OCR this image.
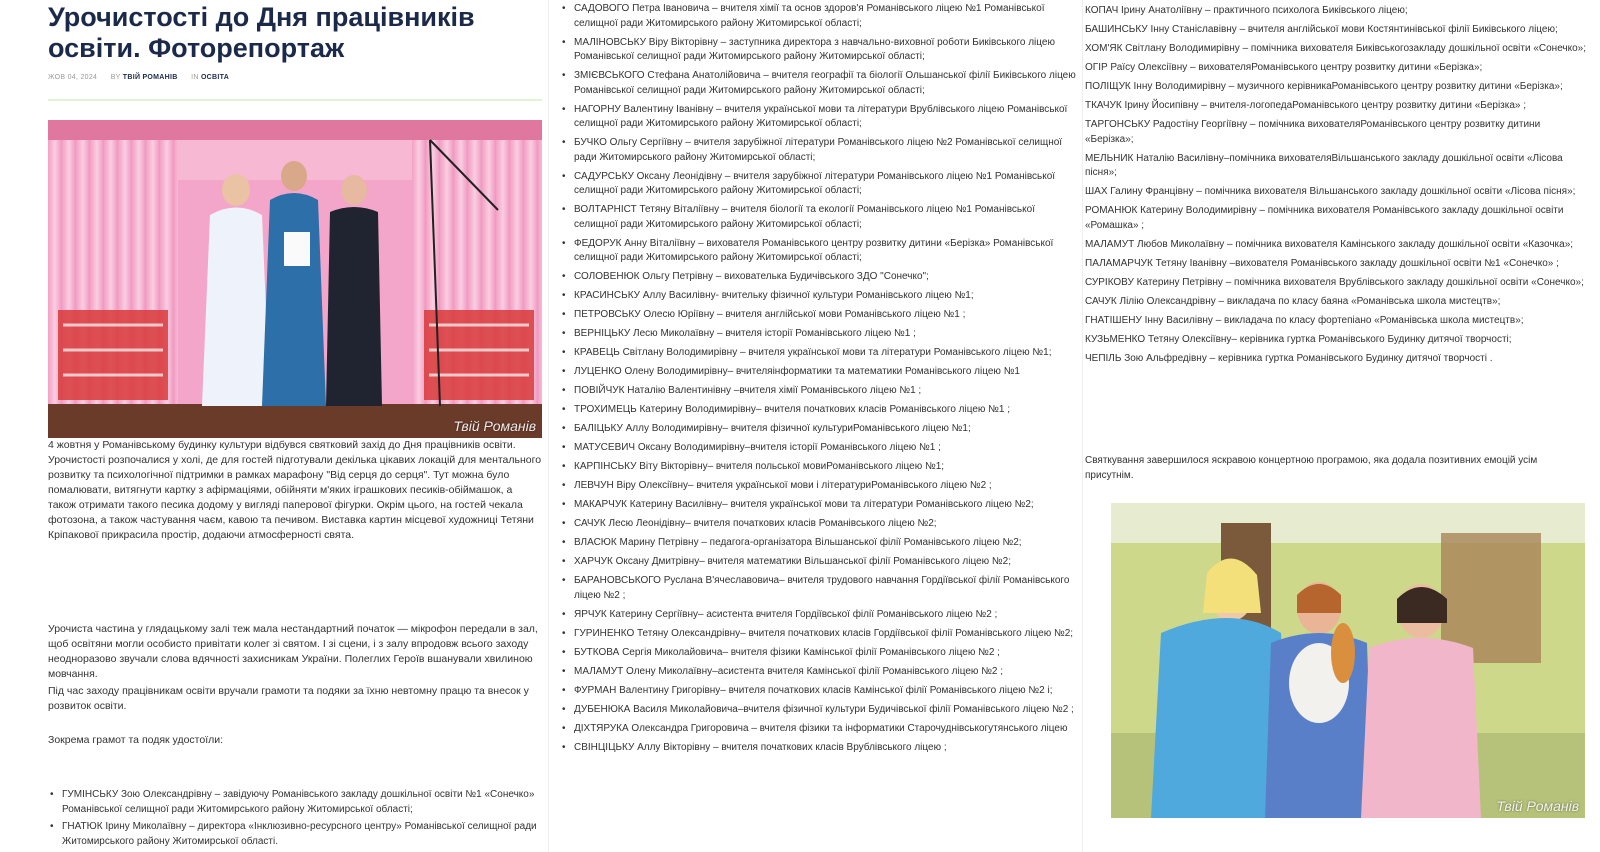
Урочистості до Дня працівників освіти. Фоторепортаж
ЖОВ 04, 2024 BY ТВІЙ РОМАНІВ IN ОСВІТА
Твій Романів

4 жовтня у Романівському будинку культури відбувся святковий захід до Дня працівників освіти. Урочистості розпочалися у холі, де для гостей підготували декілька цікавих локацій для ментального розвитку та психологічної підтримки в рамках марафону "Від серця до серця". Тут можна було помалювати, витягнути картку з афірмаціями, обійняти м'яких іграшкових песиків-обіймашок, а також отримати такого песика додому у вигляді паперової фігурки. Окрім цього, на гостей чекала фотозона, а також частування чаєм, кавою та печивом. Виставка картин місцевої художниці Тетяни Кріпакової прикрасила простір, додаючи атмосферності свята.

Урочиста частина у глядацькому залі теж мала нестандартний початок — мікрофон передали в зал, щоб освітяни могли особисто привітати колег зі святом. І зі сцени, і з залу впродовж всього заходу неодноразово звучали слова вдячності захисникам України. Полеглих Героїв вшанували хвилиною мовчання.

Під час заходу працівникам освіти вручали грамоти та подяки за їхню невтомну працю та внесок у розвиток освіти.

Зокрема грамот та подяк удостоїли:

• ГУМІНСЬКУ Зою Олександрівну – завідуючу Романівського закладу дошкільної освіти №1 «Сонечко» Романівської селищної ради Житомирського району Житомирської області;
• ГНАТЮК Ірину Миколаївну – директора «Інклюзивно-ресурсного центру» Романівської селищної ради Житомирського району Житомирської області.
• САДОВОГО Петра Івановича – вчителя хімії та основ здоров'я Романівського ліцею №1 Романівської селищної ради Житомирського району Житомирської області;
• МАЛІНОВСЬКУ Віру Вікторівну – заступника директора з навчально-виховної роботи Биківського ліцею Романівської селищної ради Житомирського району Житомирської області;
• ЗМІЄВСЬКОГО Стефана Анатолійовича – вчителя географії та біології Ольшанської філії Биківського ліцею Романівської селищної ради Житомирського району Житомирської області;
• НАГОРНУ Валентину Іванівну – вчителя української мови та літератури Врублівського ліцею Романівської селищної ради Житомирського району Житомирської області;
• БУЧКО Ольгу Сергіївну – вчителя зарубіжної літератури Романівського ліцею №2 Романівської селищної ради Житомирського району Житомирської області;
• САДУРСЬКУ Оксану Леонідівну – вчителя зарубіжної літератури Романівського ліцею №1 Романівської селищної ради Житомирського району Житомирської області;
• ВОЛТАРНІСТ Тетяну Віталіївну – вчителя біології та екології Романівського ліцею №1 Романівської селищної ради Житомирського району Житомирської області;
• ФЕДОРУК Анну Віталіївну – вихователя Романівського центру розвитку дитини «Берізка» Романівської селищної ради Житомирського району Житомирської області;
• СОЛОВЕНЮК Ольгу Петрівну – вихователька Будичівського ЗДО "Сонечко";
• КРАСИНСЬКУ Аллу Василівну- вчительку фізичної культури Романівського ліцею №1;
• ПЕТРОВСЬКУ Олесю Юріївну – вчителя англійської мови Романівського ліцею №1 ;
• ВЕРНІЦЬКУ Лесю Миколаївну – вчителя історії Романівського ліцею №1 ;
• КРАВЕЦЬ Світлану Володимирівну – вчителя української мови та літератури Романівського ліцею №1;
• ЛУЦЕНКО Олену Володимирівну– вчителяінформатики та математики Романівського ліцею №1
• ПОВІЙЧУК Наталію Валентинівну –вчителя хімії Романівського ліцею №1 ;
• ТРОХИМЕЦЬ Катерину Володимирівну– вчителя початкових класів Романівського ліцею №1 ;
• БАЛІЦЬКУ Аллу Володимирівну– вчителя фізичної культуриРоманівського ліцею №1;
• МАТУСЕВИЧ Оксану Володимирівну–вчителя історії Романівського ліцею №1 ;
• КАРПІНСЬКУ Віту Вікторівну– вчителя польської мовиРоманівського ліцею №1;
• ЛЕВЧУН Віру Олексіївну– вчителя української мови і літературиРоманівського ліцею №2 ;
• МАКАРЧУК Катерину Василівну– вчителя української мови та літератури Романівського ліцею №2;
• САЧУК Лесю Леонідівну– вчителя початкових класів Романівського ліцею №2;
• ВЛАСЮК Марину Петрівну – педагога-організатора Вільшанської філії Романівського ліцею №2;
• ХАРЧУК Оксану Дмитрівну– вчителя математики Вільшанської філії Романівського ліцею №2;
• БАРАНОВСЬКОГО Руслана В'ячеславовича– вчителя трудового навчання Гордіївської філії Романівського ліцею №2 ;
• ЯРЧУК Катерину Сергіївну– асистента вчителя Гордіївської філії Романівського ліцею №2 ;
• ГУРИНЕНКО Тетяну Олександрівну– вчителя початкових класів Гордіївської філії Романівського ліцею №2;
• БУТКОВА Сергія Миколайовича– вчителя фізики Камінської філії Романівського ліцею №2 ;
• МАЛАМУТ Олену Миколаївну–асистента вчителя Камінської філії Романівського ліцею №2 ;
• ФУРМАН Валентину Григорівну– вчителя початкових класів Камінської філії Романівського ліцею №2 і;
• ДУБЕНЮКА Василя Миколайовича–вчителя фізичної культури Будичівської філії Романівського ліцею №2 ;
• ДІХТЯРУКА Олександра Григоровича – вчителя фізики та інформатики Старочуднівськогутянського ліцею
• СВІНЦІЦЬКУ Аллу Вікторівну – вчителя початкових класів Врублівського ліцею ;
КОПАЧ Ірину Анатоліївну – практичного психолога Биківського ліцею;
БАШИНСЬКУ Інну Станіславівну – вчителя англійської мови Костянтинівської філії Биківського ліцею;
ХОМ'ЯК Світлану Володимирівну – помічника вихователя Биківськогозакладу дошкільної освіти «Сонечко»;
ОГІР Раїсу Олексіївну – вихователяРоманівського центру розвитку дитини «Берізка»;
ПОЛІЩУК Інну Володимирівну – музичного керівникаРоманівського центру розвитку дитини «Берізка»;
ТКАЧУК Ірину Йосипівну – вчителя-логопедаРоманівського центру розвитку дитини «Берізка» ;
ТАРГОНСЬКУ Радостіну Георгіївну – помічника вихователяРоманівського центру розвитку дитини «Берізка»;
МЕЛЬНИК Наталію Василівну–помічника вихователяВільшанського закладу дошкільної освіти «Лісова пісня»;
ШАХ Галину Францівну – помічника вихователя Вільшанського закладу дошкільної освіти «Лісова пісня»;
РОМАНЮК Катерину Володимирівну – помічника вихователя Романівського закладу дошкільної освіти «Ромашка» ;
МАЛАМУТ Любов Миколаївну – помічника вихователя Камінського закладу дошкільної освіти «Казочка»;
ПАЛАМАРЧУК Тетяну Іванівну –вихователя Романівського закладу дошкільної освіти №1 «Сонечко» ;
СУРІКОВУ Катерину Петрівну – помічника вихователя Врублівського закладу дошкільної освіти «Сонечко»;
САЧУК Лілію Олександрівну – викладача по класу баяна «Романівська школа мистецтв»;
ГНАТІШЕНУ Інну Василівну – викладача по класу фортепіано «Романівська школа мистецтв»;
КУЗЬМЕНКО Тетяну Олексіївну– керівника гуртка Романівського Будинку дитячої творчості;
ЧЕПІЛЬ Зою Альфредівну – керівника гуртка Романівського Будинку дитячої творчості .

Святкування завершилося яскравою концертною програмою, яка додала позитивних емоцій усім присутнім.

Твій Романів
